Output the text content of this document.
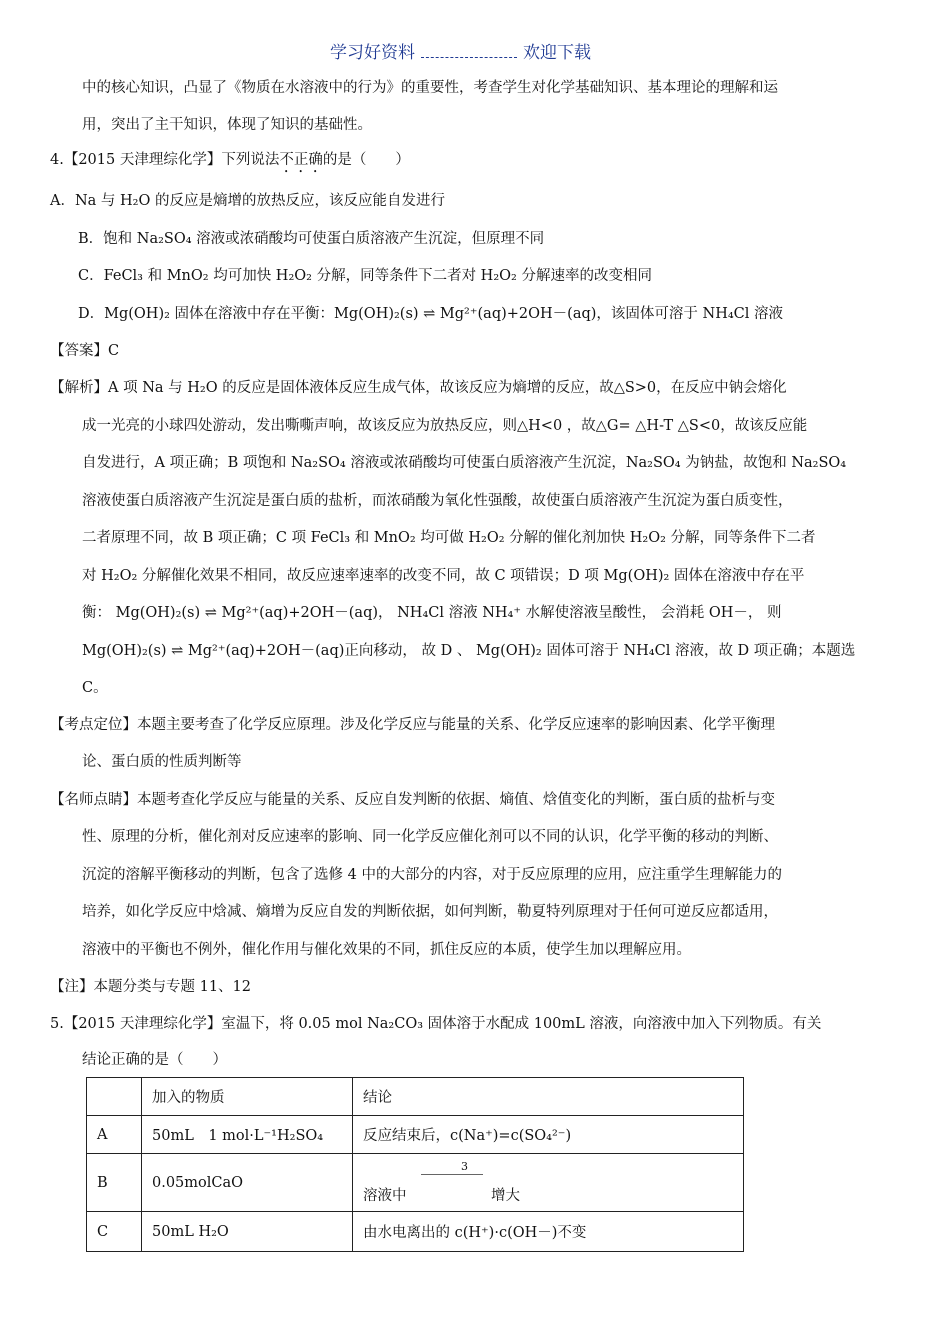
学习好资料	欢迎下载
中的核心知识，凸显了《物质在水溶液中的行为》的重要性，考查学生对化学基础知识、基本理论的理解和运
用，突出了主干知识，体现了知识的基础性。
4.【2015 天津理综化学】下列说法不正确的是（　　）
A．Na 与 H₂O 的反应是熵增的放热反应，该反应能自发进行
B．饱和 Na₂SO₄ 溶液或浓硝酸均可使蛋白质溶液产生沉淀，但原理不同
C．FeCl₃ 和 MnO₂ 均可加快 H₂O₂ 分解，同等条件下二者对 H₂O₂ 分解速率的改变相同
D．Mg(OH)₂ 固体在溶液中存在平衡：Mg(OH)₂(s) ⇌ Mg²⁺(aq)+2OH－(aq)，该固体可溶于 NH₄Cl 溶液
【答案】C
【解析】A 项 Na 与 H₂O 的反应是固体液体反应生成气体，故该反应为熵增的反应，故△S>0，在反应中钠会熔化
成一光亮的小球四处游动，发出嘶嘶声响，故该反应为放热反应，则△H<0 ，故△G= △H-T △S<0，故该反应能
自发进行，A 项正确；B 项饱和 Na₂SO₄ 溶液或浓硝酸均可使蛋白质溶液产生沉淀，Na₂SO₄ 为钠盐，故饱和 Na₂SO₄
溶液使蛋白质溶液产生沉淀是蛋白质的盐析，而浓硝酸为氧化性强酸，故使蛋白质溶液产生沉淀为蛋白质变性，
二者原理不同，故 B 项正确；C 项 FeCl₃ 和 MnO₂ 均可做 H₂O₂ 分解的催化剂加快 H₂O₂ 分解，同等条件下二者
对 H₂O₂ 分解催化效果不相同，故反应速率速率的改变不同，故 C 项错误；D 项 Mg(OH)₂ 固体在溶液中存在平
衡： Mg(OH)₂(s) ⇌ Mg²⁺(aq)+2OH－(aq)， NH₄Cl 溶液 NH₄⁺ 水解使溶液呈酸性， 会消耗 OH－， 则
Mg(OH)₂(s) ⇌ Mg²⁺(aq)+2OH－(aq)正向移动， 故 D 、 Mg(OH)₂ 固体可溶于 NH₄Cl 溶液，故 D 项正确；本题选
C。
【考点定位】本题主要考查了化学反应原理。涉及化学反应与能量的关系、化学反应速率的影响因素、化学平衡理
论、蛋白质的性质判断等
【名师点睛】本题考查化学反应与能量的关系、反应自发判断的依据、熵值、焓值变化的判断，蛋白质的盐析与变
性、原理的分析，催化剂对反应速率的影响、同一化学反应催化剂可以不同的认识，化学平衡的移动的判断、
沉淀的溶解平衡移动的判断，包含了选修 4 中的大部分的内容，对于反应原理的应用，应注重学生理解能力的
培养，如化学反应中焓减、熵增为反应自发的判断依据，如何判断，勒夏特列原理对于任何可逆反应都适用，
溶液中的平衡也不例外，催化作用与催化效果的不同，抓住反应的本质，使学生加以理解应用。
【注】本题分类与专题 11、12
5.【2015 天津理综化学】室温下，将 0.05 mol Na₂CO₃ 固体溶于水配成 100mL 溶液，向溶液中加入下列物质。有关
结论正确的是（　　）
	加入的物质	结论
A	50mL　1 mol·L⁻¹H₂SO₄	反应结束后，c(Na⁺)=c(SO₄²⁻)
B	0.05molCaO	3
溶液中 增大

C	50mL H₂O	由水电离出的 c(H⁺)·c(OH－)不变
